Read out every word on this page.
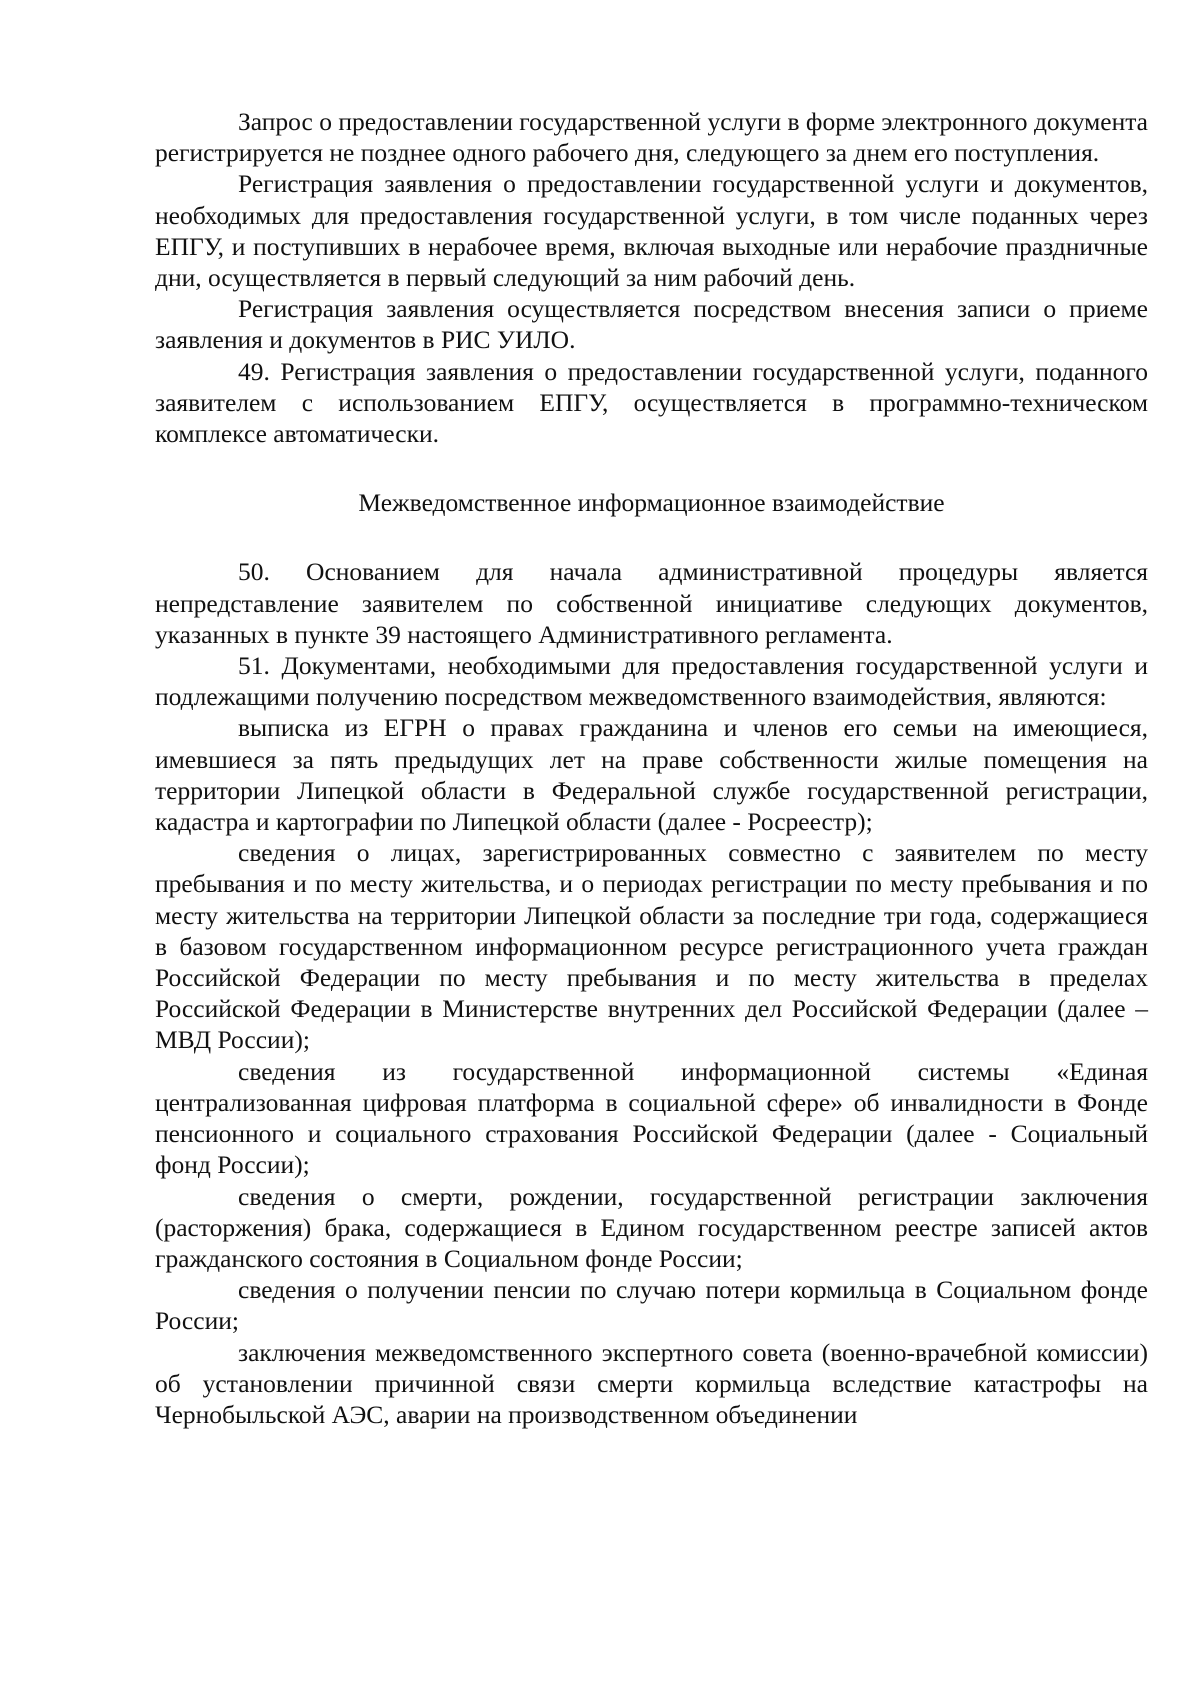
Запрос о предоставлении государственной услуги в форме электронного документа регистрируется не позднее одного рабочего дня, следующего за днем его поступления.

Регистрация заявления о предоставлении государственной услуги и документов, необходимых для предоставления государственной услуги, в том числе поданных через ЕПГУ, и поступивших в нерабочее время, включая выходные или нерабочие праздничные дни, осуществляется в первый следующий за ним рабочий день.

Регистрация заявления осуществляется посредством внесения записи о приеме заявления и документов в РИС УИЛО.

49. Регистрация заявления о предоставлении государственной услуги, поданного заявителем с использованием ЕПГУ, осуществляется в программно-техническом комплексе автоматически.

Межведомственное информационное взаимодействие

50. Основанием для начала административной процедуры является непредставление заявителем по собственной инициативе следующих документов, указанных в пункте 39 настоящего Административного регламента.

51. Документами, необходимыми для предоставления государственной услуги и подлежащими получению посредством межведомственного взаимодействия, являются:

выписка из ЕГРН о правах гражданина и членов его семьи на имеющиеся, имевшиеся за пять предыдущих лет на праве собственности жилые помещения на территории Липецкой области в Федеральной службе государственной регистрации, кадастра и картографии по Липецкой области (далее - Росреестр);

сведения о лицах, зарегистрированных совместно с заявителем по месту пребывания и по месту жительства, и о периодах регистрации по месту пребывания и по месту жительства на территории Липецкой области за последние три года, содержащиеся в базовом государственном информационном ресурсе регистрационного учета граждан Российской Федерации по месту пребывания и по месту жительства в пределах Российской Федерации в Министерстве внутренних дел Российской Федерации (далее – МВД России);

сведения из государственной информационной системы «Единая централизованная цифровая платформа в социальной сфере» об инвалидности в Фонде пенсионного и социального страхования Российской Федерации (далее - Социальный фонд России);

сведения о смерти, рождении, государственной регистрации заключения (расторжения) брака, содержащиеся в Едином государственном реестре записей актов гражданского состояния в Социальном фонде России;

сведения о получении пенсии по случаю потери кормильца в Социальном фонде России;

заключения межведомственного экспертного совета (военно-врачебной комиссии) об установлении причинной связи смерти кормильца вследствие катастрофы на Чернобыльской АЭС, аварии на производственном объединении
